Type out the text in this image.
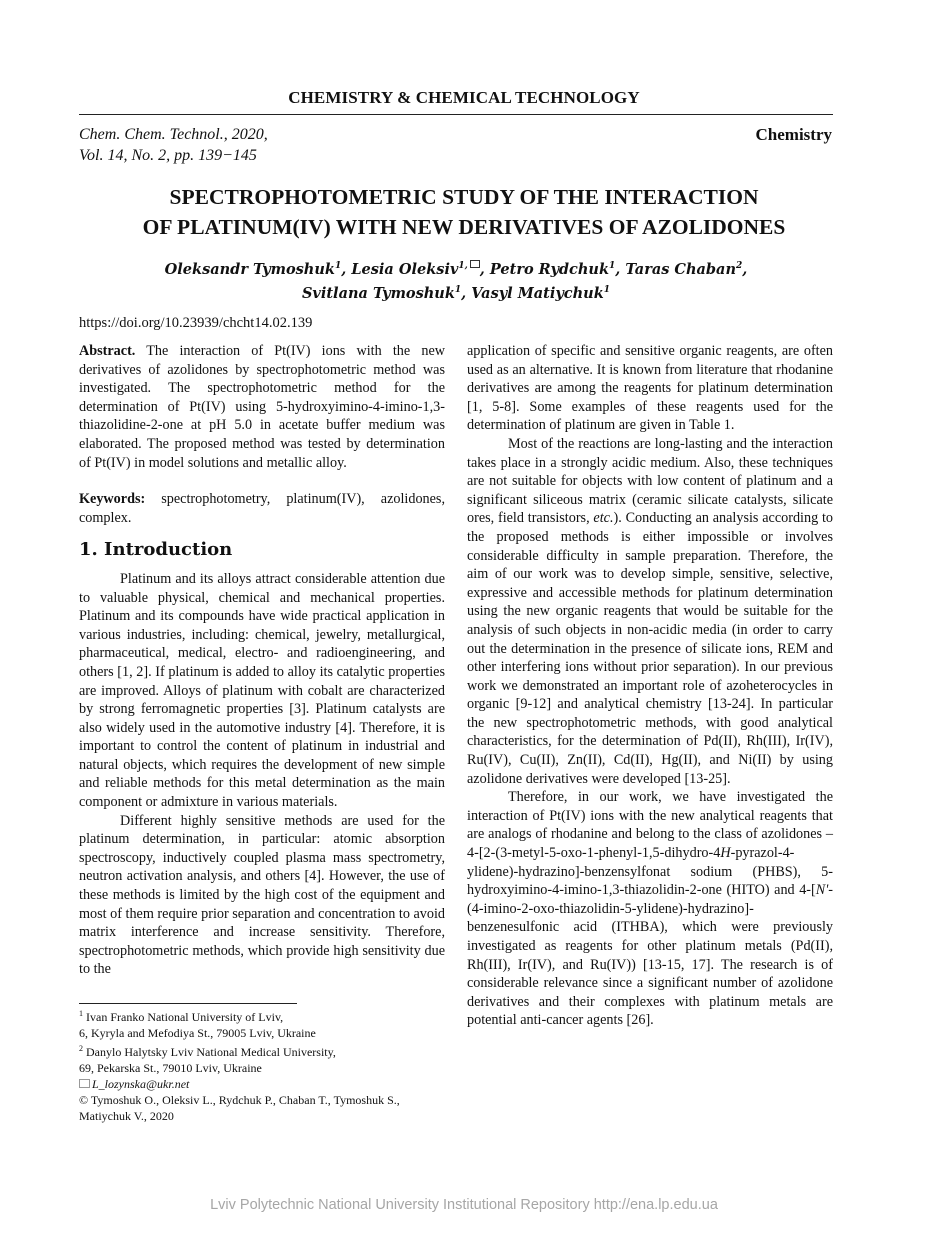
CHEMISTRY & CHEMICAL TECHNOLOGY
Chem. Chem. Technol., 2020,
Vol. 14, No. 2, pp. 139−145
Chemistry
SPECTROPHOTOMETRIC STUDY OF THE INTERACTION
OF PLATINUM(IV) WITH NEW DERIVATIVES OF AZOLIDONES
Oleksandr Tymoshuk$^1$, Lesia Oleksiv$^{1,}$ , Petro Rydchuk$^1$, Taras Chaban$^2$,
Svitlana Tymoshuk$^1$, Vasyl Matiychuk$^1$
https://doi.org/10.23939/chcht14.02.139

Abstract. The interaction of Pt(IV) ions with the new derivatives of azolidones by spectrophotometric method was investigated. The spectrophotometric method for the determination of Pt(IV) using 5-hydroxyimino-4-imino-1,3-thiazolidine-2-one at pH 5.0 in acetate buffer medium was elaborated. The proposed method was tested by determination of Pt(IV) in model solutions and metallic alloy.

Keywords: spectrophotometry, platinum(IV), azolidones, complex.

1. Introduction

Platinum and its alloys attract considerable attention due to valuable physical, chemical and mechanical properties. Platinum and its compounds have wide practical application in various industries, including: chemical, jewelry, metallurgical, pharmaceutical, medical, electro- and radioengineering, and others [1, 2]. If platinum is added to alloy its catalytic properties are improved. Alloys of platinum with cobalt are characterized by strong ferromagnetic properties [3]. Platinum catalysts are also widely used in the automotive industry [4]. Therefore, it is important to control the content of platinum in industrial and natural objects, which requires the development of new simple and reliable methods for this metal determination as the main component or admixture in various materials.

Different highly sensitive methods are used for the platinum determination, in particular: atomic absorption spectroscopy, inductively coupled plasma mass spectrometry, neutron activation analysis, and others [4]. However, the use of these methods is limited by the high cost of the equipment and most of them require prior separation and concentration to avoid matrix interference and increase sensitivity. Therefore, spectrophotometric methods, which provide high sensitivity due to the

application of specific and sensitive organic reagents, are often used as an alternative. It is known from literature that rhodanine derivatives are among the reagents for platinum determination [1, 5-8]. Some examples of these reagents used for the determination of platinum are given in Table 1.

Most of the reactions are long-lasting and the interaction takes place in a strongly acidic medium. Also, these techniques are not suitable for objects with low content of platinum and a significant siliceous matrix (ceramic silicate catalysts, silicate ores, field transistors, etc.). Conducting an analysis according to the proposed methods is either impossible or involves considerable difficulty in sample preparation. Therefore, the aim of our work was to develop simple, sensitive, selective, expressive and accessible methods for platinum determination using the new organic reagents that would be suitable for the analysis of such objects in non-acidic media (in order to carry out the determination in the presence of silicate ions, REM and other interfering ions without prior separation). In our previous work we demonstrated an important role of azoheterocycles in organic [9-12] and analytical chemistry [13-24]. In particular the new spectrophotometric methods, with good analytical characteristics, for the determination of Pd(II), Rh(III), Ir(IV), Ru(IV), Cu(II), Zn(II), Cd(II), Hg(II), and Ni(II) by using azolidone derivatives were developed [13-25].

Therefore, in our work, we have investigated the interaction of Pt(IV) ions with the new analytical reagents that are analogs of rhodanine and belong to the class of azolidones – 4-[2-(3-metyl-5-oxo-1-phenyl-1,5-dihydro-4H-pyrazol-4-ylidene)-hydrazino]-benzensylfonat sodium (PHBS), 5-hydroxyimino-4-imino-1,3-thiazolidin-2-one (HITO) and 4-[N'-(4-imino-2-oxo-thiazolidin-5-ylidene)-hydrazino]-benzenesulfonic acid (ITHBA), which were previously investigated as reagents for other platinum metals (Pd(II), Rh(III), Ir(IV), and Ru(IV)) [13-15, 17]. The research is of considerable relevance since a significant number of azolidone derivatives and their complexes with platinum metals are potential anti-cancer agents [26].

$^1$ Ivan Franko National University of Lviv,

6, Kyryla and Mefodiya St., 79005 Lviv, Ukraine

$^2$ Danylo Halytsky Lviv National Medical University,

69, Pekarska St., 79010 Lviv, Ukraine

L_lozynska@ukr.net

© Tymoshuk O., Oleksiv L., Rydchuk P., Chaban T., Tymoshuk S., Matiychuk V., 2020

Lviv Polytechnic National University Institutional Repository http://ena.lp.edu.ua
